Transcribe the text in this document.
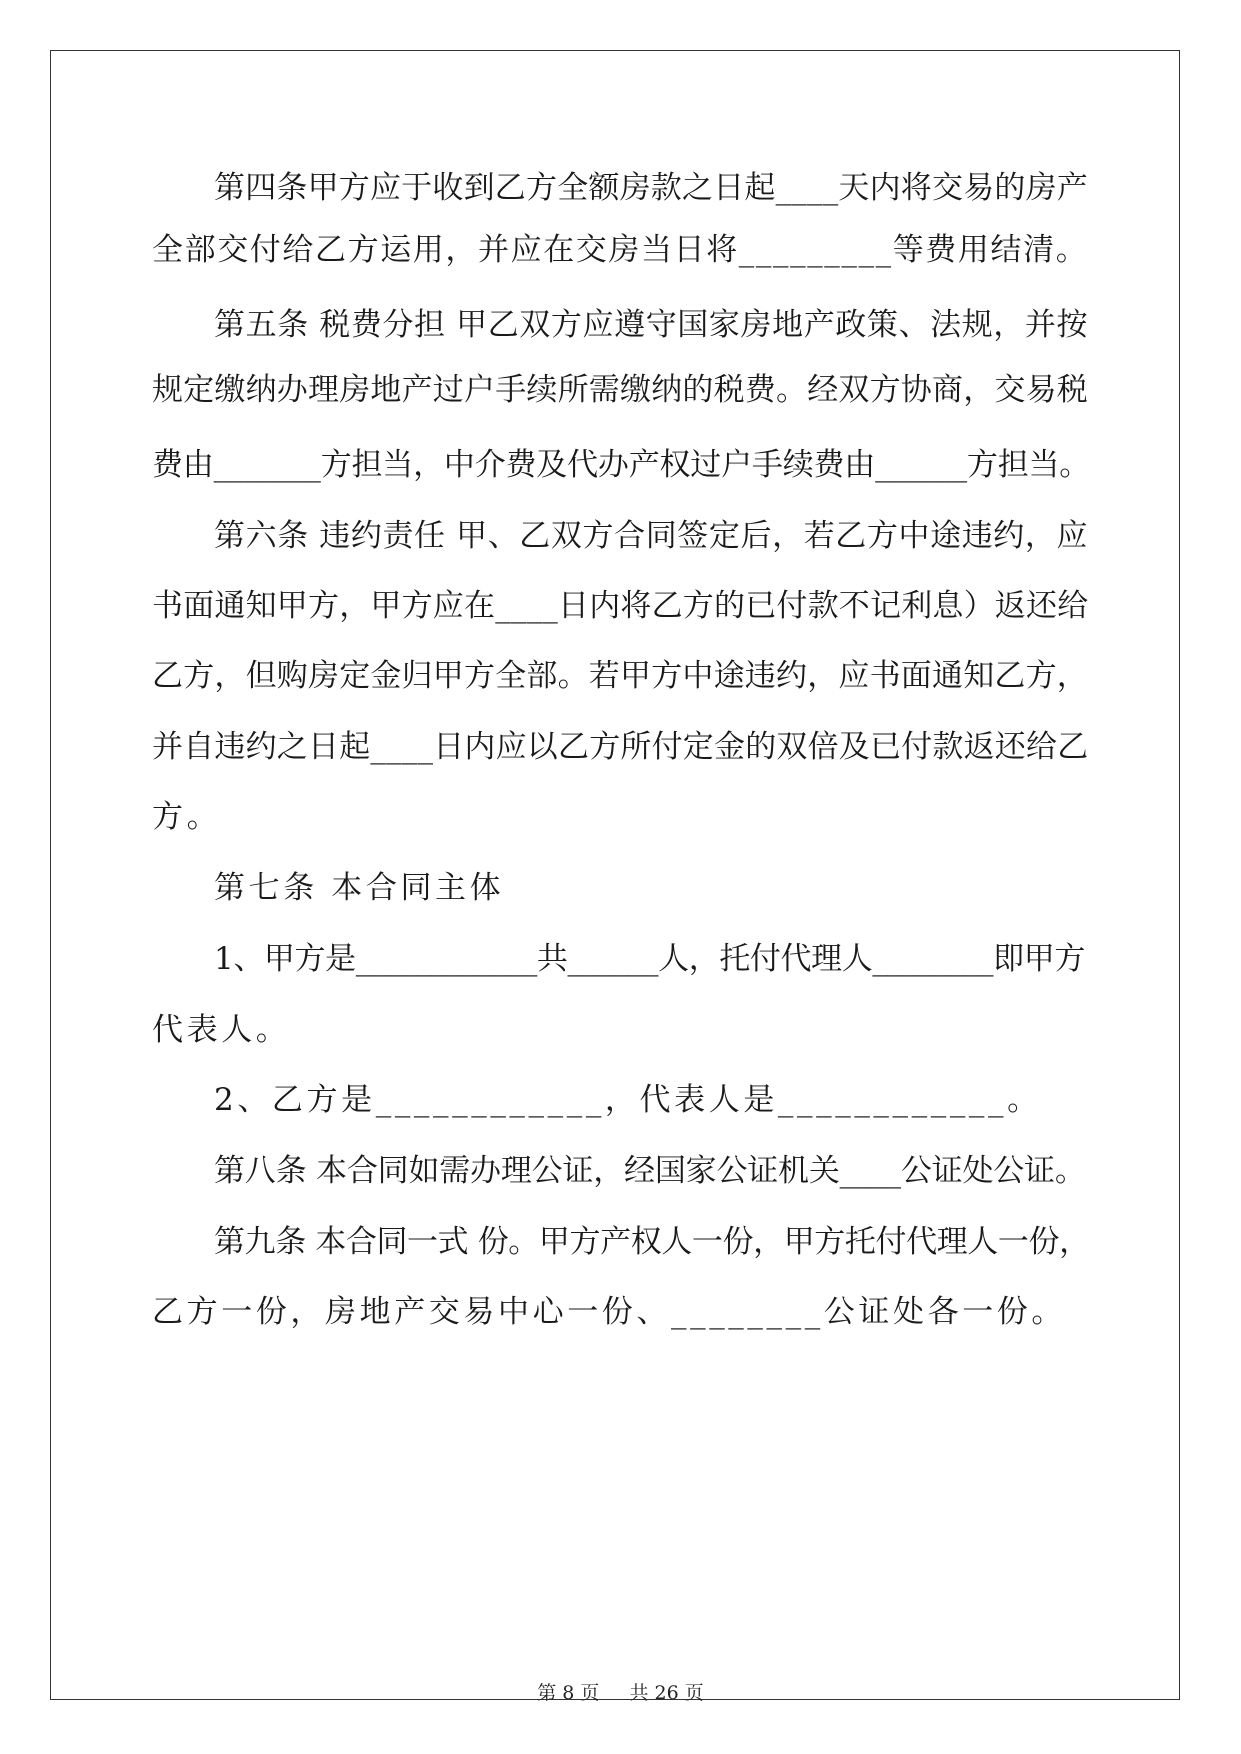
第四条甲方应于收到乙方全额房款之日起____天内将交易的房产
全部交付给乙方运用，并应在交房当日将_________等费用结清。
第五条 税费分担 甲乙双方应遵守国家房地产政策、法规，并按
规定缴纳办理房地产过户手续所需缴纳的税费。经双方协商，交易税
费由_______方担当，中介费及代办产权过户手续费由______方担当。
第六条 违约责任 甲、乙双方合同签定后，若乙方中途违约，应
书面通知甲方，甲方应在____日内将乙方的已付款不记利息）返还给
乙方，但购房定金归甲方全部。若甲方中途违约，应书面通知乙方，
并自违约之日起____日内应以乙方所付定金的双倍及已付款返还给乙
方。
第七条 本合同主体
1、甲方是____________共______人，托付代理人________即甲方
代表人。
2、乙方是____________，代表人是____________。
第八条 本合同如需办理公证，经国家公证机关____公证处公证。
第九条 本合同一式 份。甲方产权人一份，甲方托付代理人一份，
乙方一份，房地产交易中心一份、________公证处各一份。
第 8 页 共 26 页
